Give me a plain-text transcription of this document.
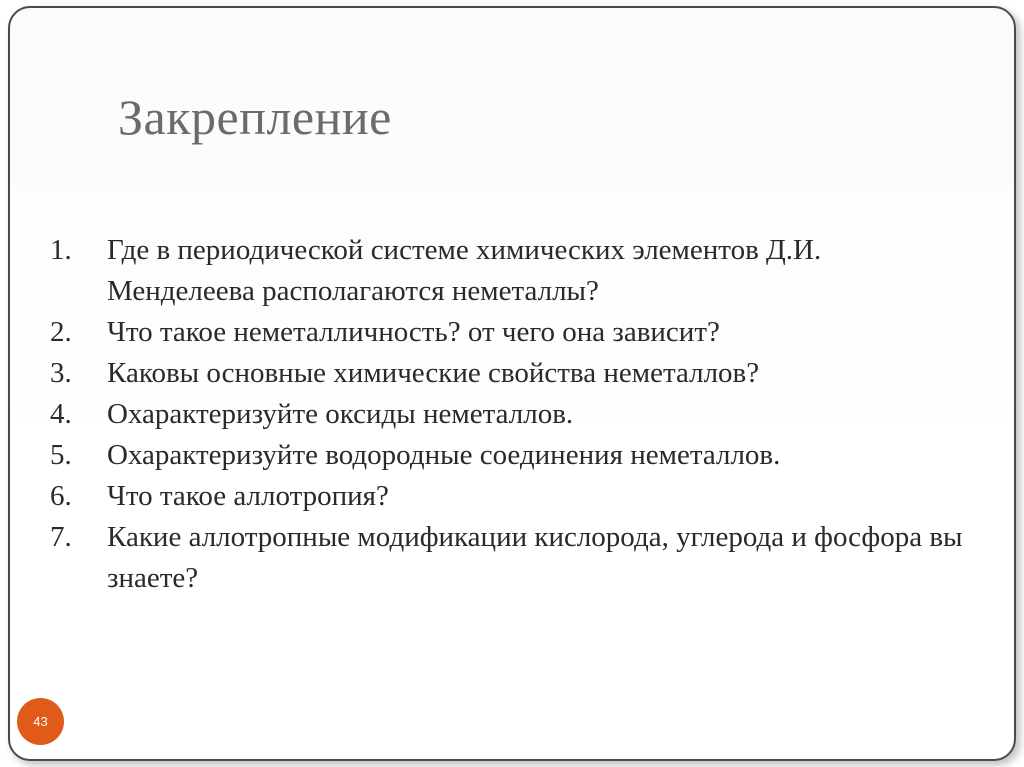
Закрепление
1. Где в периодической системе химических элементов Д.И. Менделеева располагаются неметаллы?
2. Что такое неметалличность? от чего она зависит?
3. Каковы основные химические свойства неметаллов?
4. Охарактеризуйте оксиды неметаллов.
5. Охарактеризуйте водородные соединения неметаллов.
6. Что такое аллотропия?
7. Какие аллотропные модификации кислорода, углерода и фосфора вы знаете?
43
